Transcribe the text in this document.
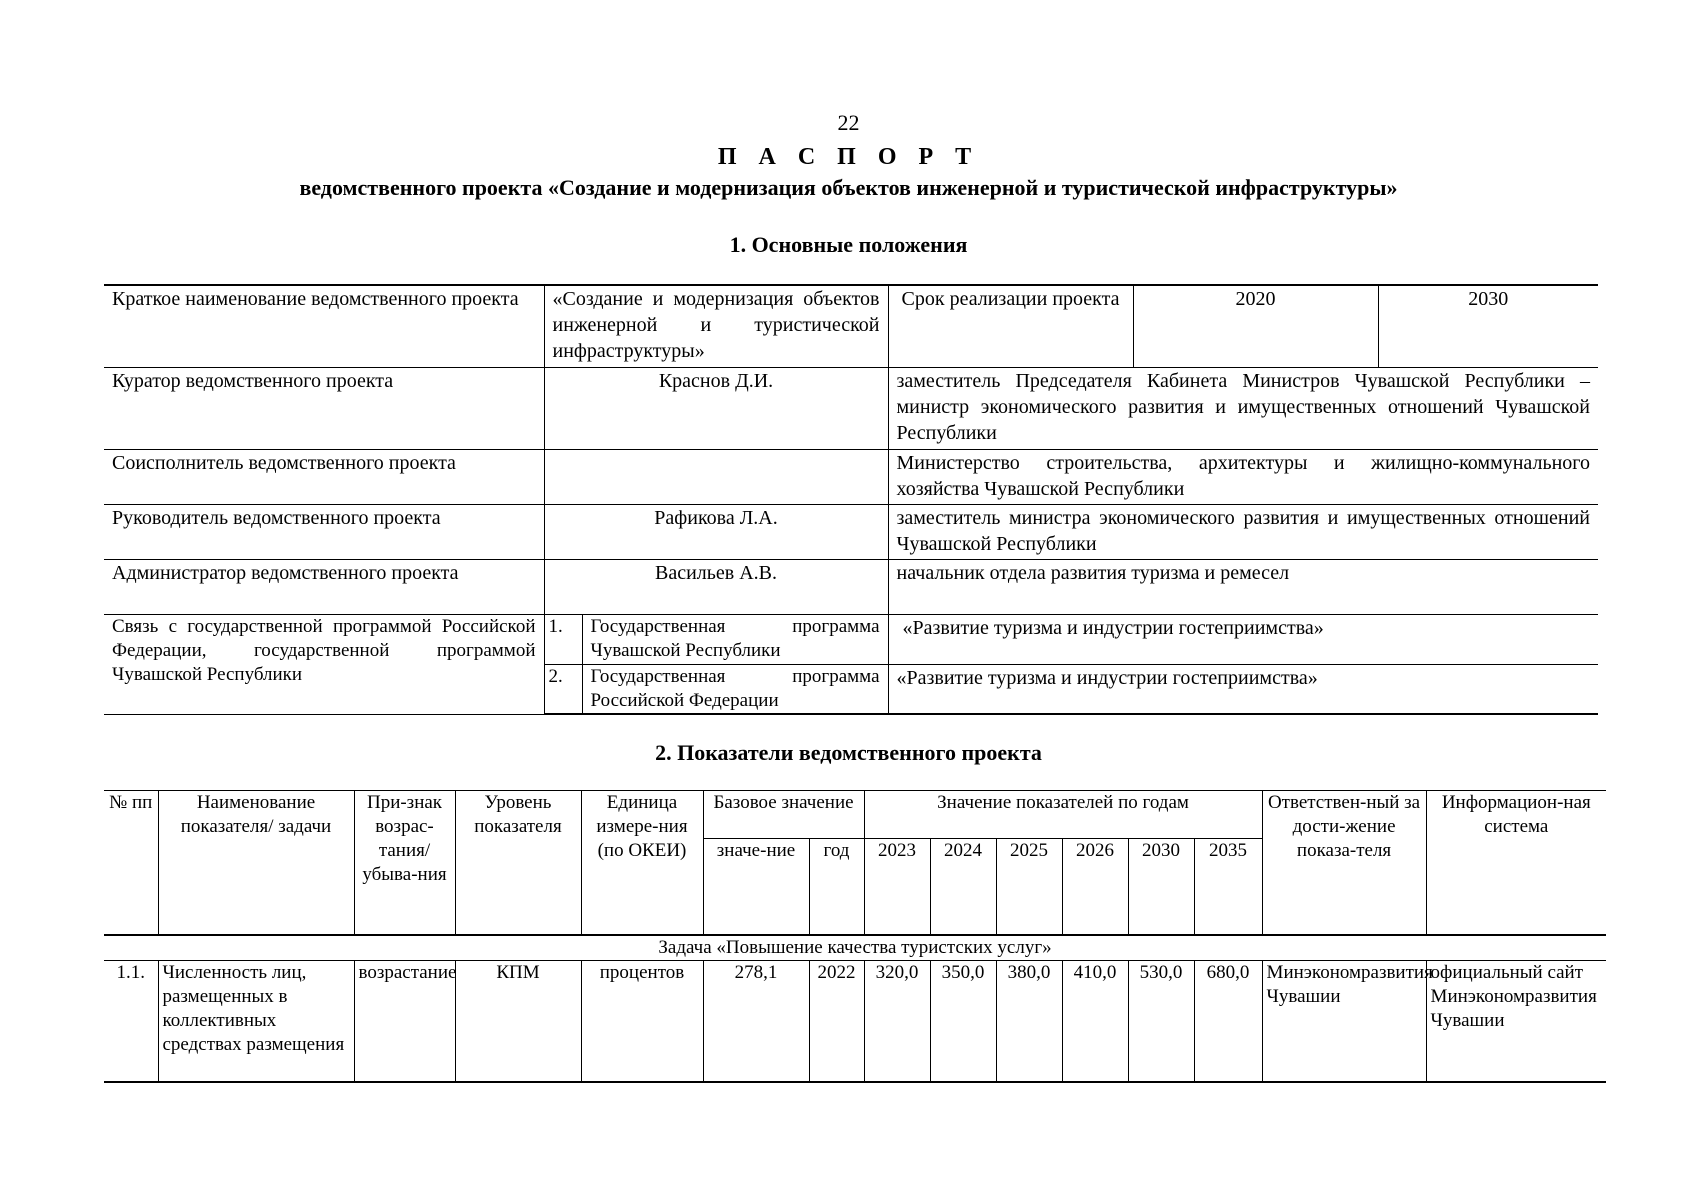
22
П А С П О Р Т
ведомственного проекта «Создание и модернизация объектов инженерной и туристической инфраструктуры»
1. Основные положения
Краткое наименование ведомственного проекта	«Создание и модернизация объектов инженерной и туристической инфраструктуры»		Срок реализации проекта	2020	2030
Куратор ведомственного проекта	Краснов Д.И.		заместитель Председателя Кабинета Министров Чувашской Республики – министр экономического развития и имущественных отношений Чувашской Республики		
Соисполнитель ведомственного проекта			Министерство строительства, архитектуры и жилищно-коммунального хозяйства Чувашской Республики		
Руководитель ведомственного проекта	Рафикова Л.А.		заместитель министра экономического развития и имущественных отношений Чувашской Республики		
Администратор ведомственного проекта	Васильев А.В.		начальник отдела развития туризма и ремесел		
Связь с государственной программой Российской Федерации, государственной программой Чувашской Республики	1.	Государственная программа Чувашской Республики	«Развитие туризма и индустрии гостеприимства»		
	2.	Государственная программа Российской Федерации	«Развитие туризма и индустрии гостеприимства»		
2. Показатели ведомственного проекта
№ пп	Наименование показателя/ задачи	При-знак возрас-тания/ убыва-ния	Уровень показателя	Единица измере-ния (по ОКЕИ)	Базовое значение		Значение показателей по годам						Ответствен-ный за дости-жение показа-теля	Информацион-ная система
					значе-ние	год	2023	2024	2025	2026	2030	2035		
Задача «Повышение качества туристских услуг»														
1.1.	Численность лиц, размещенных в коллективных средствах размещения	возрастание	КПМ	процентов	278,1	2022	320,0	350,0	380,0	410,0	530,0	680,0	Минэкономразвития Чувашии	официальный сайт Минэкономразвития Чувашии
